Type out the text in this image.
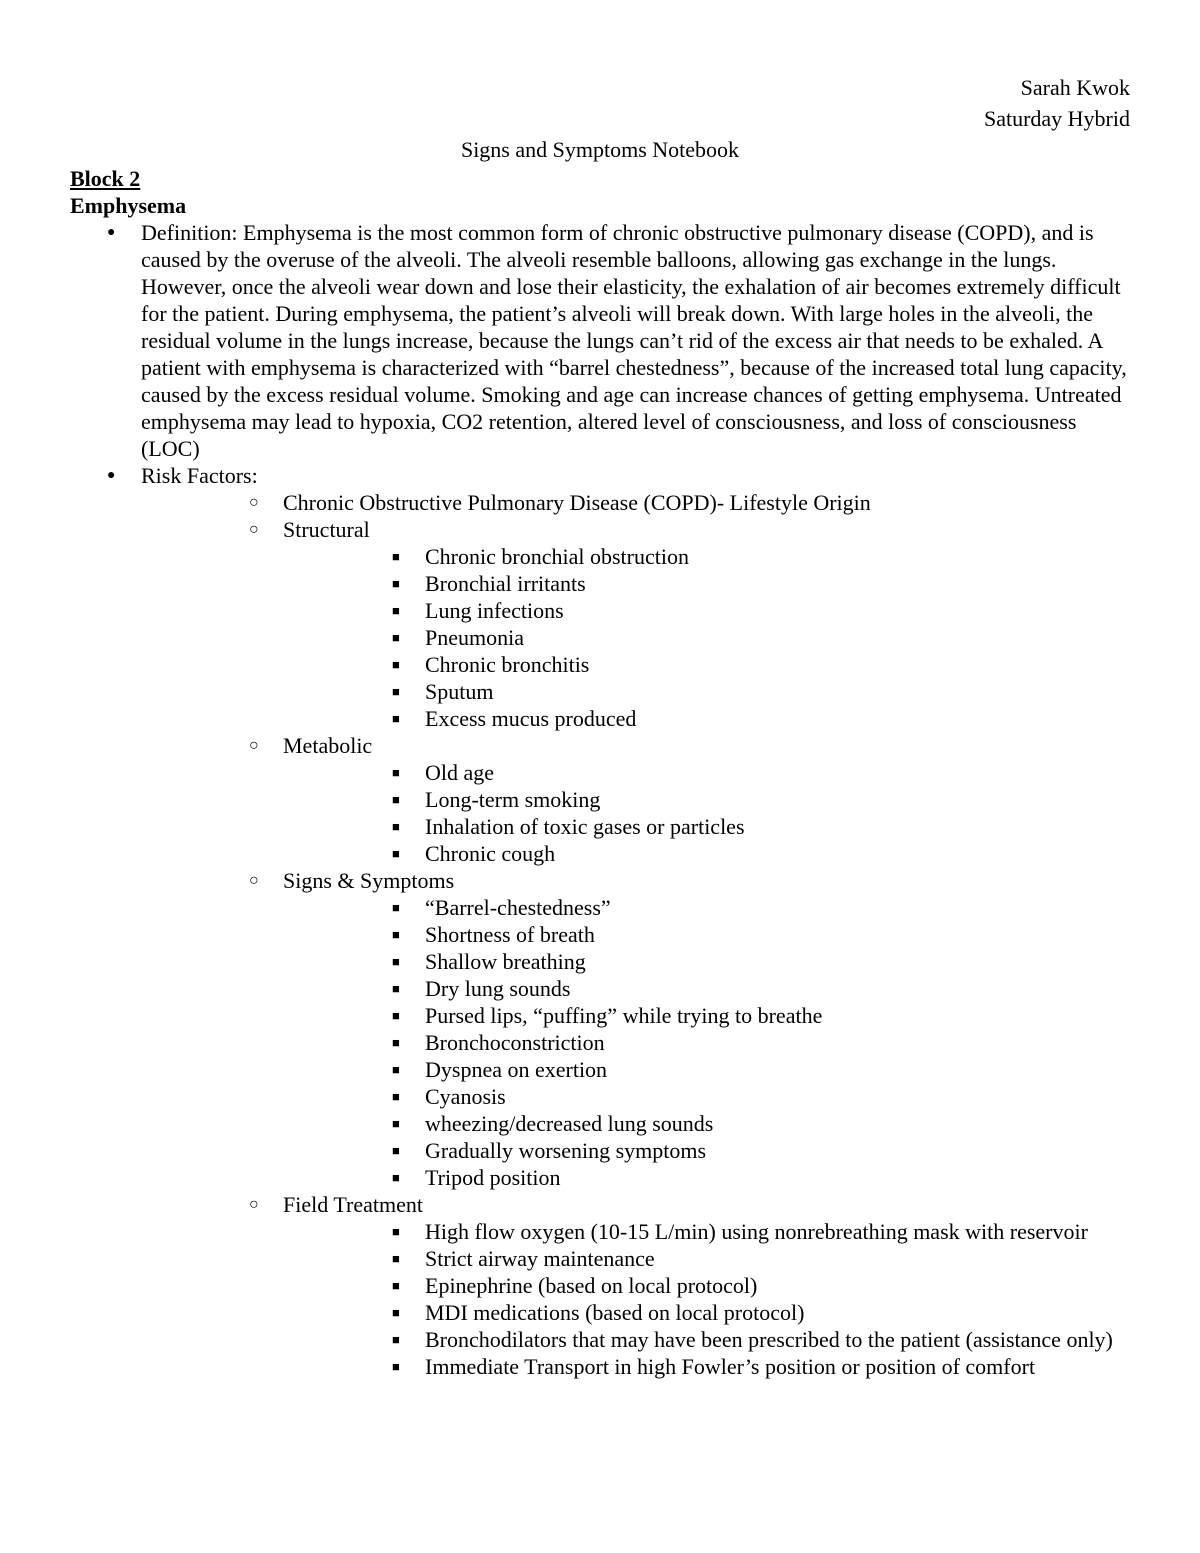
Sarah Kwok
Saturday Hybrid
Signs and Symptoms Notebook
Block 2
Emphysema
● Definition: Emphysema is the most common form of chronic obstructive pulmonary disease (COPD), and is caused by the overuse of the alveoli. The alveoli resemble balloons, allowing gas exchange in the lungs. However, once the alveoli wear down and lose their elasticity, the exhalation of air becomes extremely difficult for the patient. During emphysema, the patient’s alveoli will break down. With large holes in the alveoli, the residual volume in the lungs increase, because the lungs can’t rid of the excess air that needs to be exhaled. A patient with emphysema is characterized with “barrel chestedness”, because of the increased total lung capacity, caused by the excess residual volume. Smoking and age can increase chances of getting emphysema. Untreated emphysema may lead to hypoxia, CO2 retention, altered level of consciousness, and loss of consciousness (LOC)
● Risk Factors:
○ Chronic Obstructive Pulmonary Disease (COPD)- Lifestyle Origin
○ Structural
■ Chronic bronchial obstruction
■ Bronchial irritants
■ Lung infections
■ Pneumonia
■ Chronic bronchitis
■ Sputum
■ Excess mucus produced
○ Metabolic
■ Old age
■ Long-term smoking
■ Inhalation of toxic gases or particles
■ Chronic cough
○ Signs & Symptoms
■ “Barrel-chestedness”
■ Shortness of breath
■ Shallow breathing
■ Dry lung sounds
■ Pursed lips, “puffing” while trying to breathe
■ Bronchoconstriction
■ Dyspnea on exertion
■ Cyanosis
■ wheezing/decreased lung sounds
■ Gradually worsening symptoms
■ Tripod position
○ Field Treatment
■ High flow oxygen (10-15 L/min) using nonrebreathing mask with reservoir
■ Strict airway maintenance
■ Epinephrine (based on local protocol)
■ MDI medications (based on local protocol)
■ Bronchodilators that may have been prescribed to the patient (assistance only)
■ Immediate Transport in high Fowler’s position or position of comfort
